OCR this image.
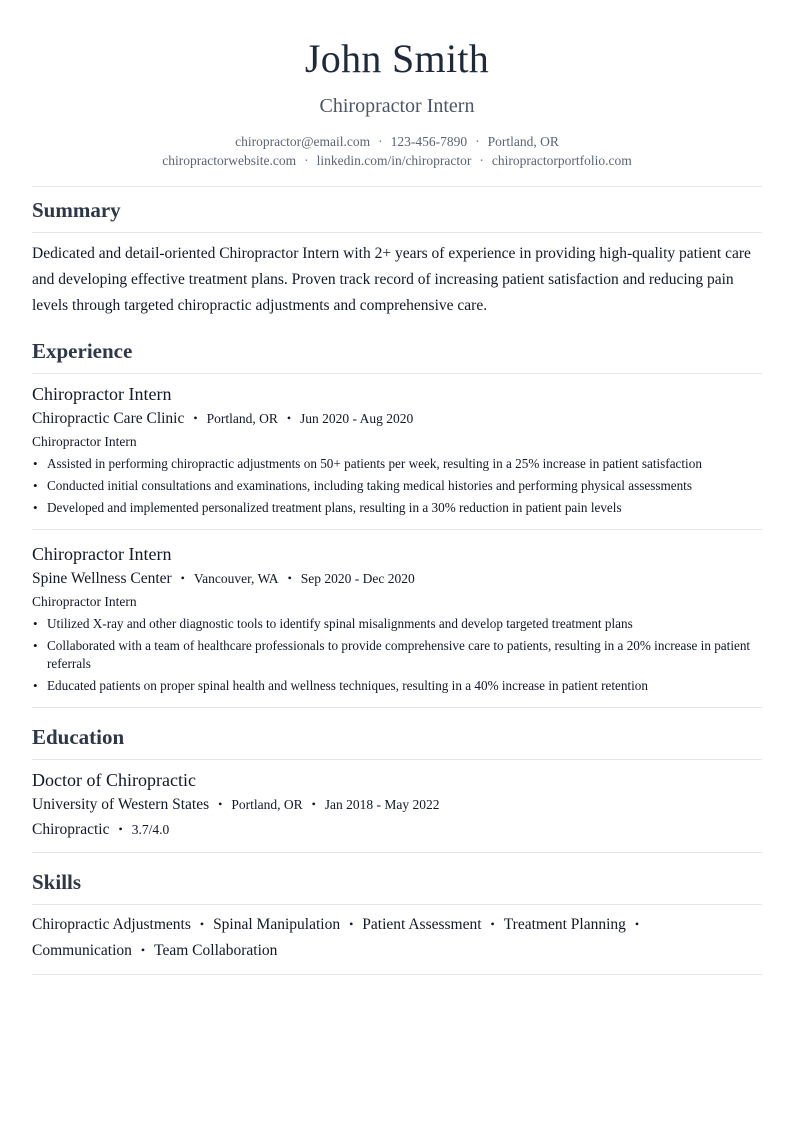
John Smith
Chiropractor Intern
chiropractor@email.com · 123-456-7890 · Portland, OR
chiropractorwebsite.com · linkedin.com/in/chiropractor · chiropractorportfolio.com
Summary

Dedicated and detail-oriented Chiropractor Intern with 2+ years of experience in providing high-quality patient care and developing effective treatment plans. Proven track record of increasing patient satisfaction and reducing pain levels through targeted chiropractic adjustments and comprehensive care.

Experience
Chiropractor Intern
Chiropractic Care Clinic • Portland, OR • Jun 2020 - Aug 2020
Chiropractor Intern
• Assisted in performing chiropractic adjustments on 50+ patients per week, resulting in a 25% increase in patient satisfaction
• Conducted initial consultations and examinations, including taking medical histories and performing physical assessments
• Developed and implemented personalized treatment plans, resulting in a 30% reduction in patient pain levels
Chiropractor Intern
Spine Wellness Center • Vancouver, WA • Sep 2020 - Dec 2020
Chiropractor Intern
• Utilized X-ray and other diagnostic tools to identify spinal misalignments and develop targeted treatment plans
• Collaborated with a team of healthcare professionals to provide comprehensive care to patients, resulting in a 20% increase in patient referrals
• Educated patients on proper spinal health and wellness techniques, resulting in a 40% increase in patient retention
Education
Doctor of Chiropractic
University of Western States • Portland, OR • Jan 2018 - May 2022
Chiropractic • 3.7/4.0
Skills
Chiropractic Adjustments • Spinal Manipulation • Patient Assessment • Treatment Planning •
Communication • Team Collaboration
